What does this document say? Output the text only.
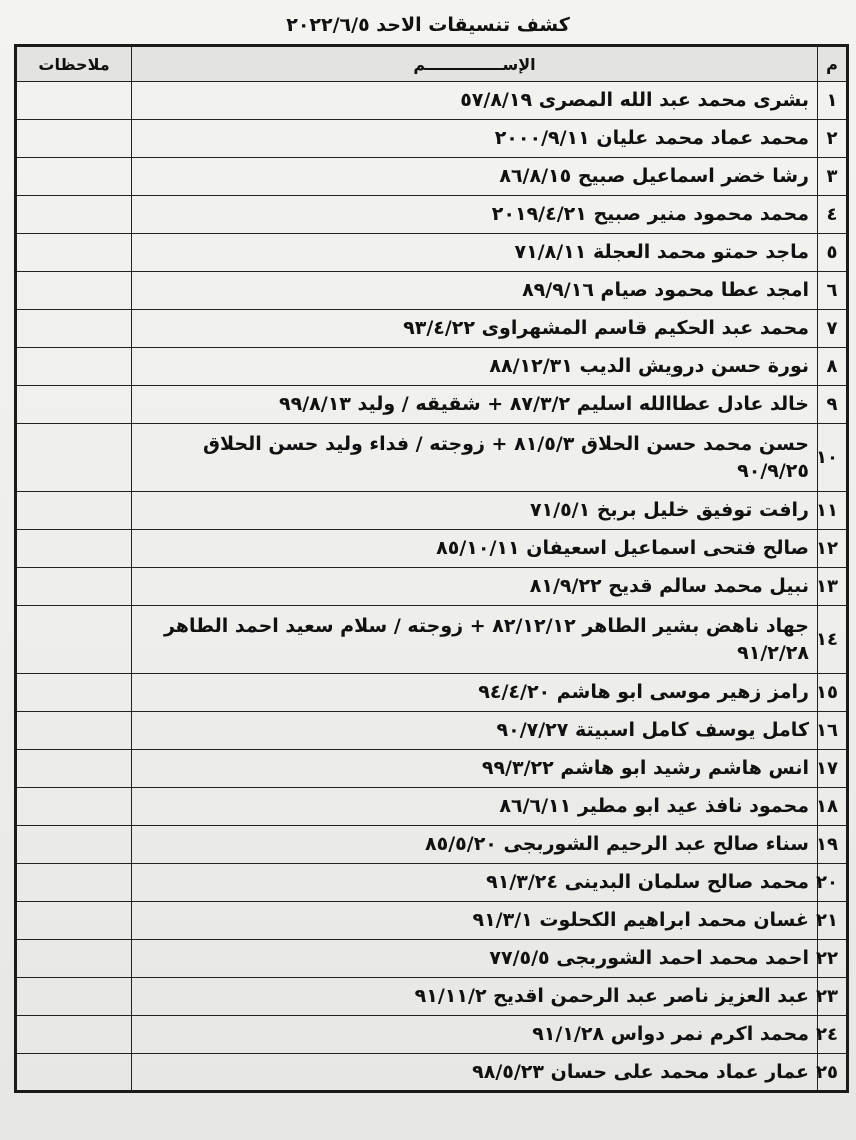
كشف تنسيقات الاحد ٢٠٢٢/٦/٥
م	الإســــــــــــــم	ملاحظات
١	بشرى محمد عبد الله المصرى ٥٧/٨/١٩	
٢	محمد عماد محمد عليان ٢٠٠٠/٩/١١	
٣	رشا خضر اسماعيل صبيح ٨٦/٨/١٥	
٤	محمد محمود منير صبيح ٢٠١٩/٤/٢١	
٥	ماجد حمتو محمد العجلة ٧١/٨/١١	
٦	امجد عطا محمود صيام ٨٩/٩/١٦	
٧	محمد عبد الحكيم قاسم المشهراوى ٩٣/٤/٢٢	
٨	نورة حسن درويش الديب ٨٨/١٢/٣١	
٩	خالد عادل عطاالله اسليم ٨٧/٣/٢ + شقيقه / وليد ٩٩/٨/١٣	
١٠	حسن محمد حسن الحلاق ٨١/٥/٣ + زوجته / فداء وليد حسن الحلاق ٩٠/٩/٢٥	
١١	رافت توفيق خليل بربخ ٧١/٥/١	
١٢	صالح فتحى اسماعيل اسعيفان ٨٥/١٠/١١	
١٣	نبيل محمد سالم قديح ٨١/٩/٢٢	
١٤	جهاد ناهض بشير الطاهر ٨٢/١٢/١٢ + زوجته / سلام سعيد احمد الطاهر ٩١/٢/٢٨	
١٥	رامز زهير موسى ابو هاشم ٩٤/٤/٢٠	
١٦	كامل يوسف كامل اسبيتة ٩٠/٧/٢٧	
١٧	انس هاشم رشيد ابو هاشم ٩٩/٣/٢٢	
١٨	محمود نافذ عيد ابو مطير ٨٦/٦/١١	
١٩	سناء صالح عبد الرحيم الشوربجى ٨٥/٥/٢٠	
٢٠	محمد صالح سلمان البدينى ٩١/٣/٢٤	
٢١	غسان محمد ابراهيم الكحلوت ٩١/٣/١	
٢٢	احمد محمد احمد الشوربجى ٧٧/٥/٥	
٢٣	عبد العزيز ناصر عبد الرحمن اقديح ٩١/١١/٢	
٢٤	محمد اكرم نمر دواس ٩١/١/٢٨	
٢٥	عمار عماد محمد على حسان ٩٨/٥/٢٣	
